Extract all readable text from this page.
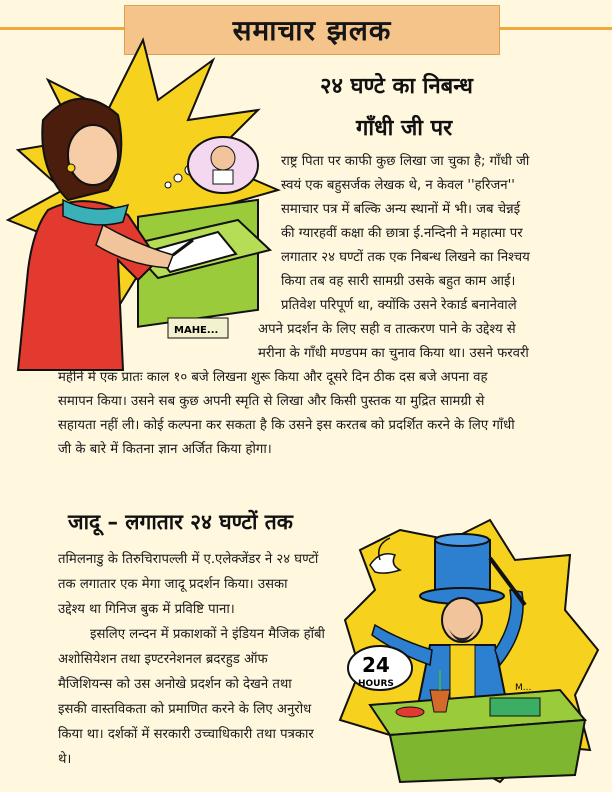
समाचार झलक
MAHE...
२४ घण्टे का निबन्ध
गाँधी जी पर
राष्ट्र पिता पर काफी कुछ लिखा जा चुका है; गाँधी जी
स्वयं एक बहुसर्जक लेखक थे, न केवल ''हरिजन''
समाचार पत्र में बल्कि अन्य स्थानों में भी। जब चेन्नई
की ग्यारहवीं कक्षा की छात्रा ई.नन्दिनी ने महात्मा पर
लगातार २४ घण्टों तक एक निबन्ध लिखने का निश्चय
किया तब वह सारी सामग्री उसके बहुत काम आई।
प्रतिवेश परिपूर्ण था, क्योंकि उसने रेकार्ड बनानेवाले
अपने प्रदर्शन के लिए सही व तात्करण पाने के उद्देश्य से
मरीना के गाँधी मण्डपम का चुनाव किया था। उसने फरवरी
महीने में एक प्रातः काल १० बजे लिखना शुरू किया और दूसरे दिन ठीक दस बजे अपना वह
समापन किया। उसने सब कुछ अपनी स्मृति से लिखा और किसी पुस्तक या मुद्रित सामग्री से
सहायता नहीं ली। कोई कल्पना कर सकता है कि उसने इस करतब को प्रदर्शित करने के लिए गाँधी
जी के बारे में कितना ज्ञान अर्जित किया होगा।
जादू – लगातार २४ घण्टों तक
तमिलनाडु के तिरुचिरापल्ली में ए.एलेक्जेंडर ने २४ घण्टों
तक लगातार एक मेगा जादू प्रदर्शन किया। उसका
उद्देश्य था गिनिज बुक में प्रविष्टि पाना।
इसलिए लन्दन में प्रकाशकों ने इंडियन मैजिक हॉबी
अशोसियेशन तथा इण्टरनेशनल ब्रदरहुड ऑफ
मैजिशियन्स को उस अनोखे प्रदर्शन को देखने तथा
इसकी वास्तविकता को प्रमाणित करने के लिए अनुरोध
किया था। दर्शकों में सरकारी उच्चाधिकारी तथा पत्रकार
थे।
M...
24
HOURS
